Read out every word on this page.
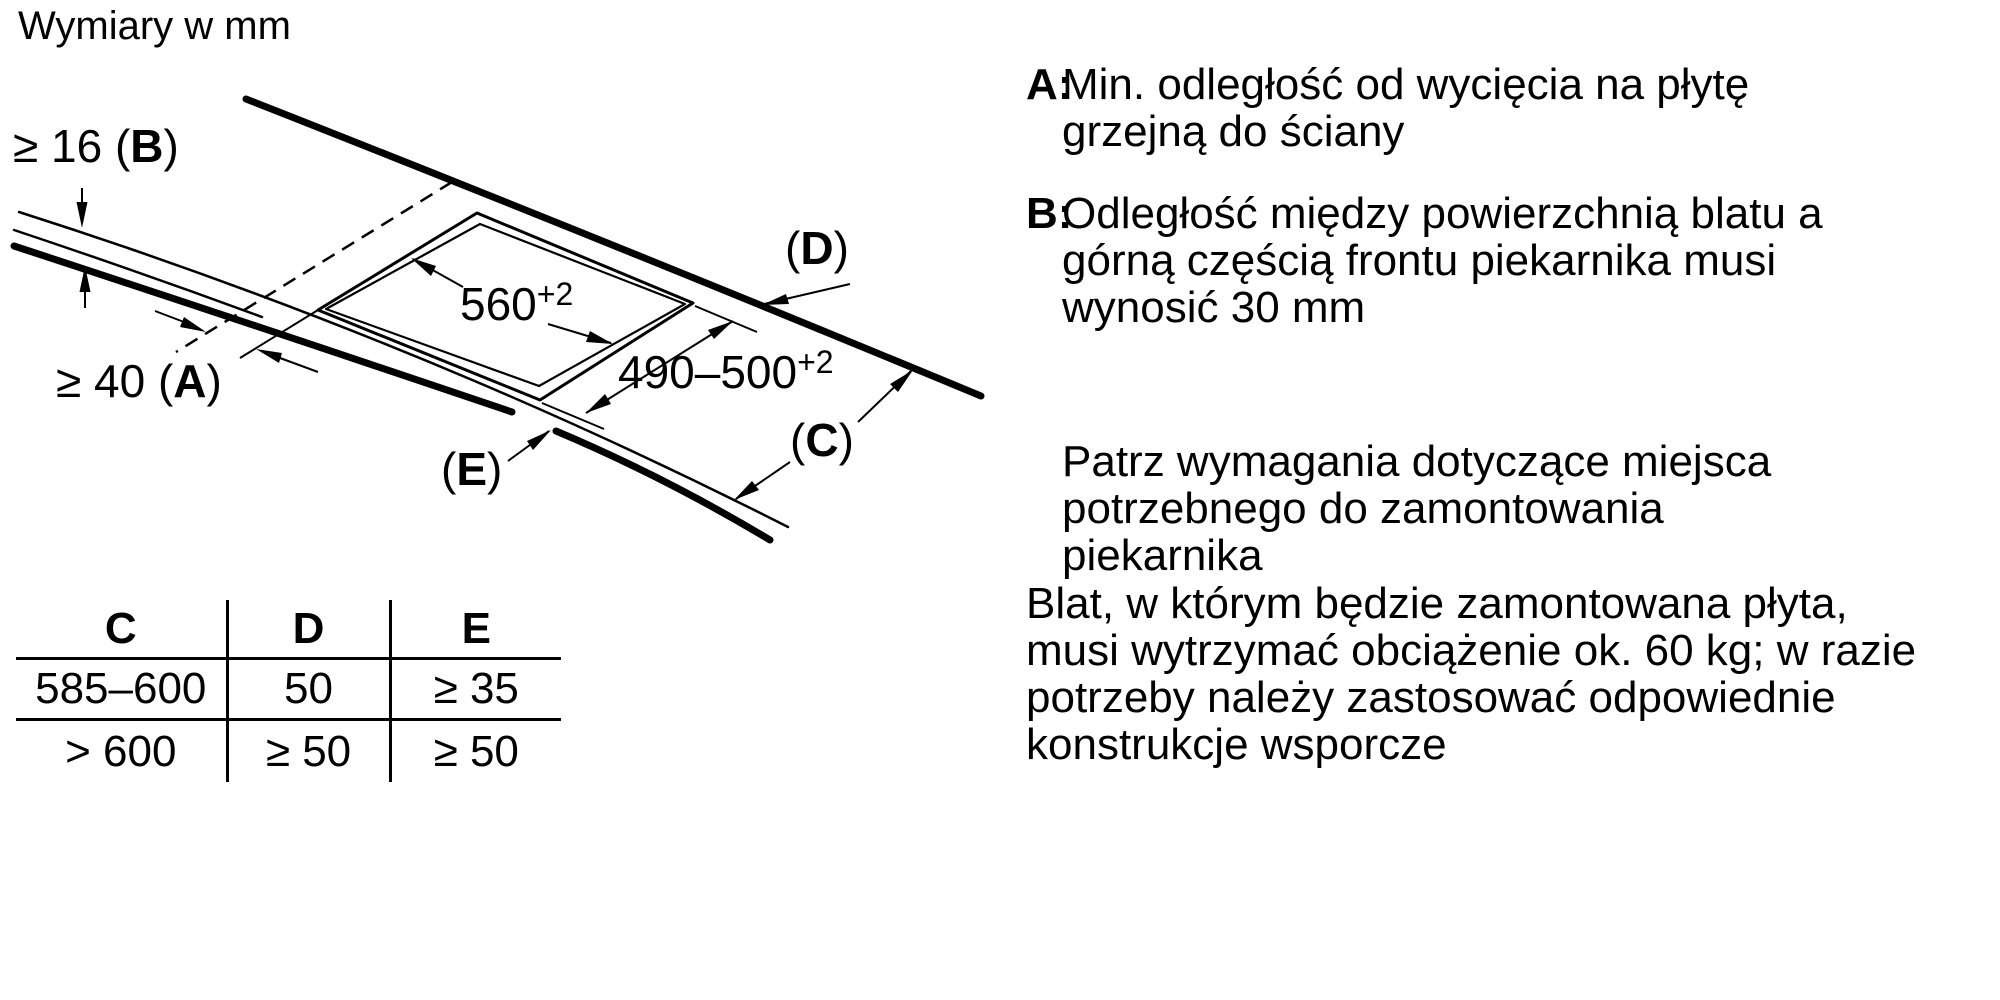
Wymiary w mm
≥ 16 (B)
≥ 40 (A)
$560^{+2}$
$490-500^{+2}$
(D)
(C)
(E)
C	D	E
585–600	50	≥ 35
> 600	≥ 50	≥ 50
A:
Min. odległość od wycięcia na płytę
grzejną do ściany
B:
Odległość między powierzchnią blatu a
górną częścią frontu piekarnika musi
wynosić 30 mm
Patrz wymagania dotyczące miejsca
potrzebnego do zamontowania
piekarnika
Blat, w którym będzie zamontowana płyta,
musi wytrzymać obciążenie ok. 60 kg; w razie
potrzeby należy zastosować odpowiednie
konstrukcje wsporcze
